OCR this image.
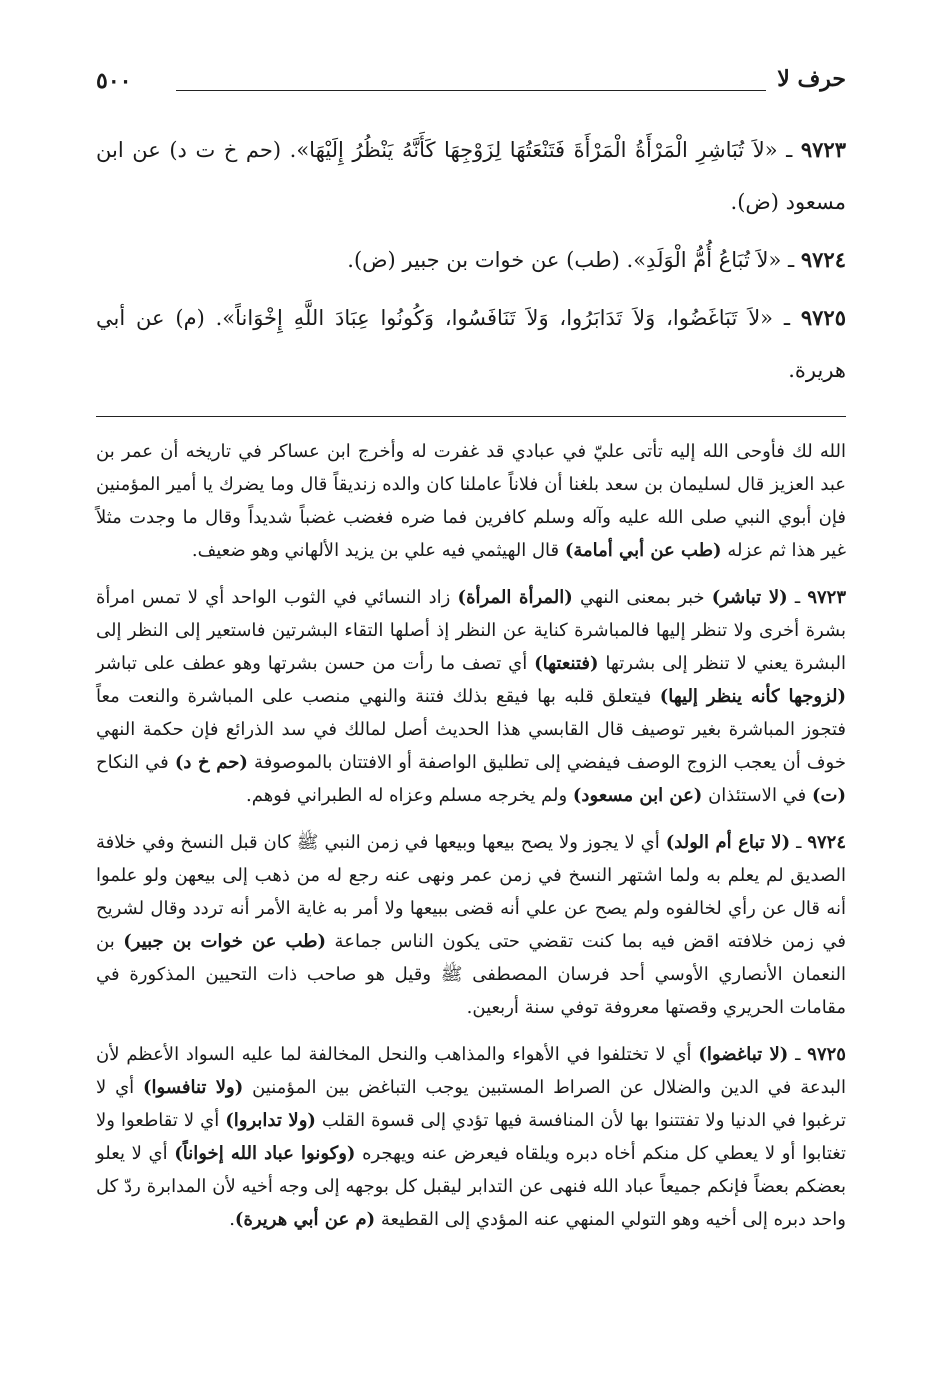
حرف لا
٥٠٠

٩٧٢٣ ـ «لاَ تُبَاشِرِ الْمَرْأَةُ الْمَرْأَةَ فَتَنْعَتُهَا لِزَوْجِهَا كَأَنَّهُ يَنْظُرُ إِلَيْهَا». (حم خ ت د) عن ابن مسعود (ض).

٩٧٢٤ ـ «لاَ تُبَاعُ أُمُّ الْوَلَدِ». (طب) عن خوات بن جبير (ض).

٩٧٢٥ ـ «لاَ تَبَاغَضُوا، وَلاَ تَدَابَرُوا، وَلاَ تَنَافَسُوا، وَكُونُوا عِبَادَ اللَّهِ إِخْوَاناً». (م) عن أبي هريرة.

الله لك فأوحى الله إليه تأتى عليّ في عبادي قد غفرت له وأخرج ابن عساكر في تاريخه أن عمر بن عبد العزيز قال لسليمان بن سعد بلغنا أن فلاناً عاملنا كان والده زنديقاً قال وما يضرك يا أمير المؤمنين فإن أبوي النبي صلى الله عليه وآله وسلم كافرين فما ضره فغضب غضباً شديداً وقال ما وجدت مثلاً غير هذا ثم عزله (طب عن أبي أمامة) قال الهيثمي فيه علي بن يزيد الألهاني وهو ضعيف.

٩٧٢٣ ـ (لا تباشر) خبر بمعنى النهي (المرأة المرأة) زاد النسائي في الثوب الواحد أي لا تمس امرأة بشرة أخرى ولا تنظر إليها فالمباشرة كناية عن النظر إذ أصلها التقاء البشرتين فاستعير إلى النظر إلى البشرة يعني لا تنظر إلى بشرتها (فتنعتها) أي تصف ما رأت من حسن بشرتها وهو عطف على تباشر (لزوجها كأنه ينظر إليها) فيتعلق قلبه بها فيقع بذلك فتنة والنهي منصب على المباشرة والنعت معاً فتجوز المباشرة بغير توصيف قال القابسي هذا الحديث أصل لمالك في سد الذرائع فإن حكمة النهي خوف أن يعجب الزوج الوصف فيفضي إلى تطليق الواصفة أو الافتتان بالموصوفة (حم خ د) في النكاح (ت) في الاستئذان (عن ابن مسعود) ولم يخرجه مسلم وعزاه له الطبراني فوهم.

٩٧٢٤ ـ (لا تباع أم الولد) أي لا يجوز ولا يصح بيعها وبيعها في زمن النبي ﷺ كان قبل النسخ وفي خلافة الصديق لم يعلم به ولما اشتهر النسخ في زمن عمر ونهى عنه رجع له من ذهب إلى بيعهن ولو علموا أنه قال عن رأي لخالفوه ولم يصح عن علي أنه قضى ببيعها ولا أمر به غاية الأمر أنه تردد وقال لشريح في زمن خلافته اقض فيه بما كنت تقضي حتى يكون الناس جماعة (طب عن خوات بن جبير) بن النعمان الأنصاري الأوسي أحد فرسان المصطفى ﷺ وقيل هو صاحب ذات التحيين المذكورة في مقامات الحريري وقصتها معروفة توفي سنة أربعين.

٩٧٢٥ ـ (لا تباغضوا) أي لا تختلفوا في الأهواء والمذاهب والنحل المخالفة لما عليه السواد الأعظم لأن البدعة في الدين والضلال عن الصراط المستبين يوجب التباغض بين المؤمنين (ولا تنافسوا) أي لا ترغبوا في الدنيا ولا تفتتنوا بها لأن المنافسة فيها تؤدي إلى قسوة القلب (ولا تدابروا) أي لا تقاطعوا ولا تغتابوا أو لا يعطي كل منكم أخاه دبره ويلقاه فيعرض عنه ويهجره (وكونوا عباد الله إخواناً) أي لا يعلو بعضكم بعضاً فإنكم جميعاً عباد الله فنهى عن التدابر ليقبل كل بوجهه إلى وجه أخيه لأن المدابرة ردّ كل واحد دبره إلى أخيه وهو التولي المنهي عنه المؤدي إلى القطيعة (م عن أبي هريرة).
